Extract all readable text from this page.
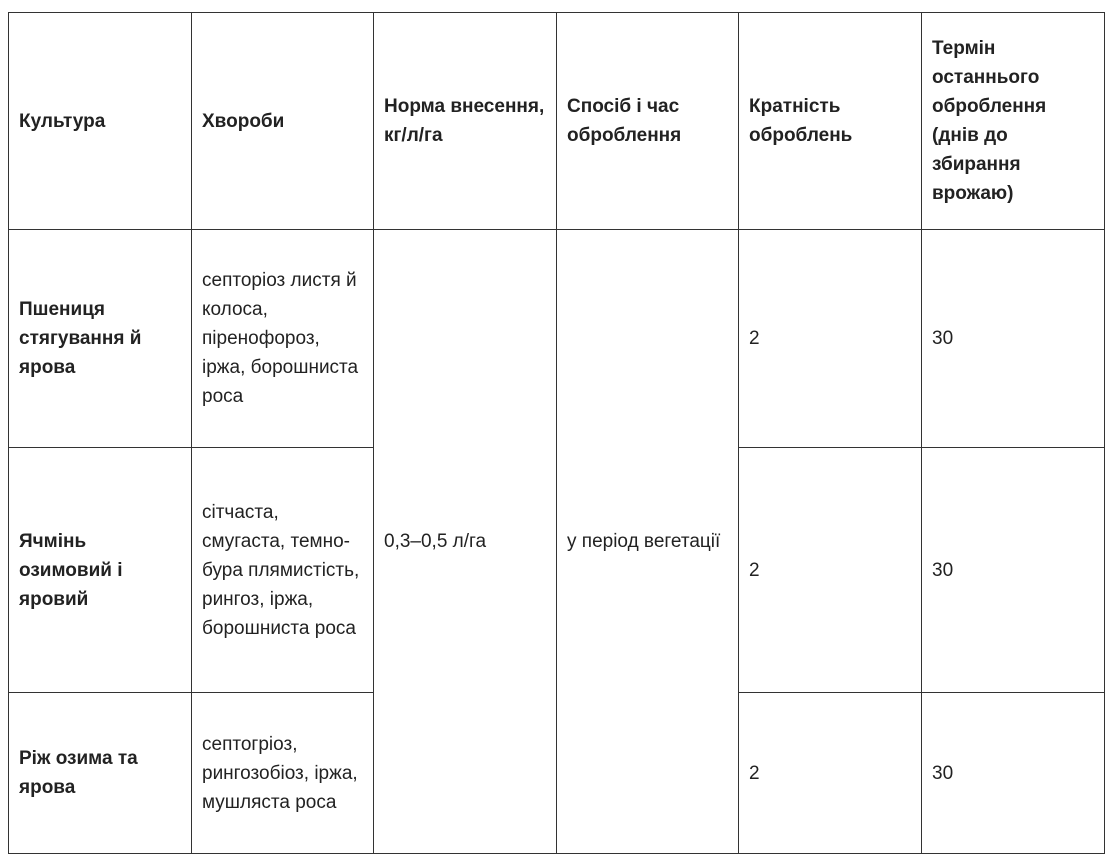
Культура	Хвороби	Норма внесення, кг/л/га	Спосіб і час оброблення	Кратність оброблень	Термін останнього оброблення (днів до збирання врожаю)
Пшениця стягування й ярова	септоріоз листя й колоса, піренофороз, іржа, борошниста роса	0,3–0,5 л/га	у період вегетації	2	30
Ячмінь озимовий і яровий	сітчаста, смугаста, темно-бура плямистість, рингоз, іржа, борошниста роса			2	30
Ріж озима та ярова	септогріоз, рингозобіоз, іржа, мушляста роса			2	30
